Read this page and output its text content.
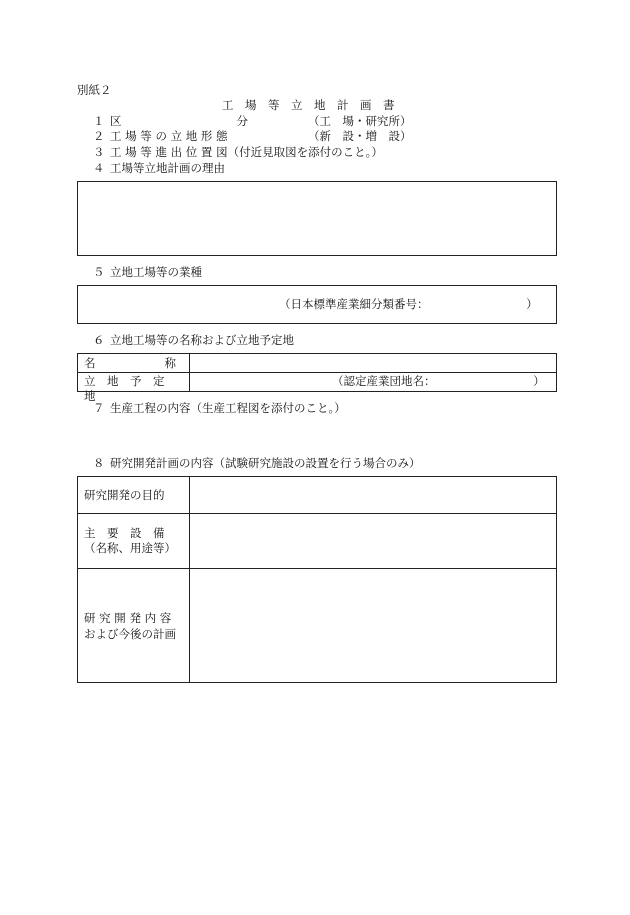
別紙２
工　場　等　立　地　計　画　書
１ 区　　　　　　　　　　分	（工　場・研究所）
２ 工 場 等 の 立 地 形 態	（新　設・増　設）
３ 工 場 等 進 出 位 置 図（付近見取図を添付のこと。）
４ 工場等立地計画の理由
５ 立地工場等の業種
（日本標準産業細分類番号：　　　　　　　　　）
６ 立地工場等の名称および立地予定地
名　　　　　　称
立　地　予　定　地
（認定産業団地名：　　　　　　　　　）
７ 生産工程の内容（生産工程図を添付のこと。）
８ 研究開発計画の内容（試験研究施設の設置を行う場合のみ）
研究開発の目的
主　要　設　備
（名称、用途等）
研 究 開 発 内 容
および今後の計画
